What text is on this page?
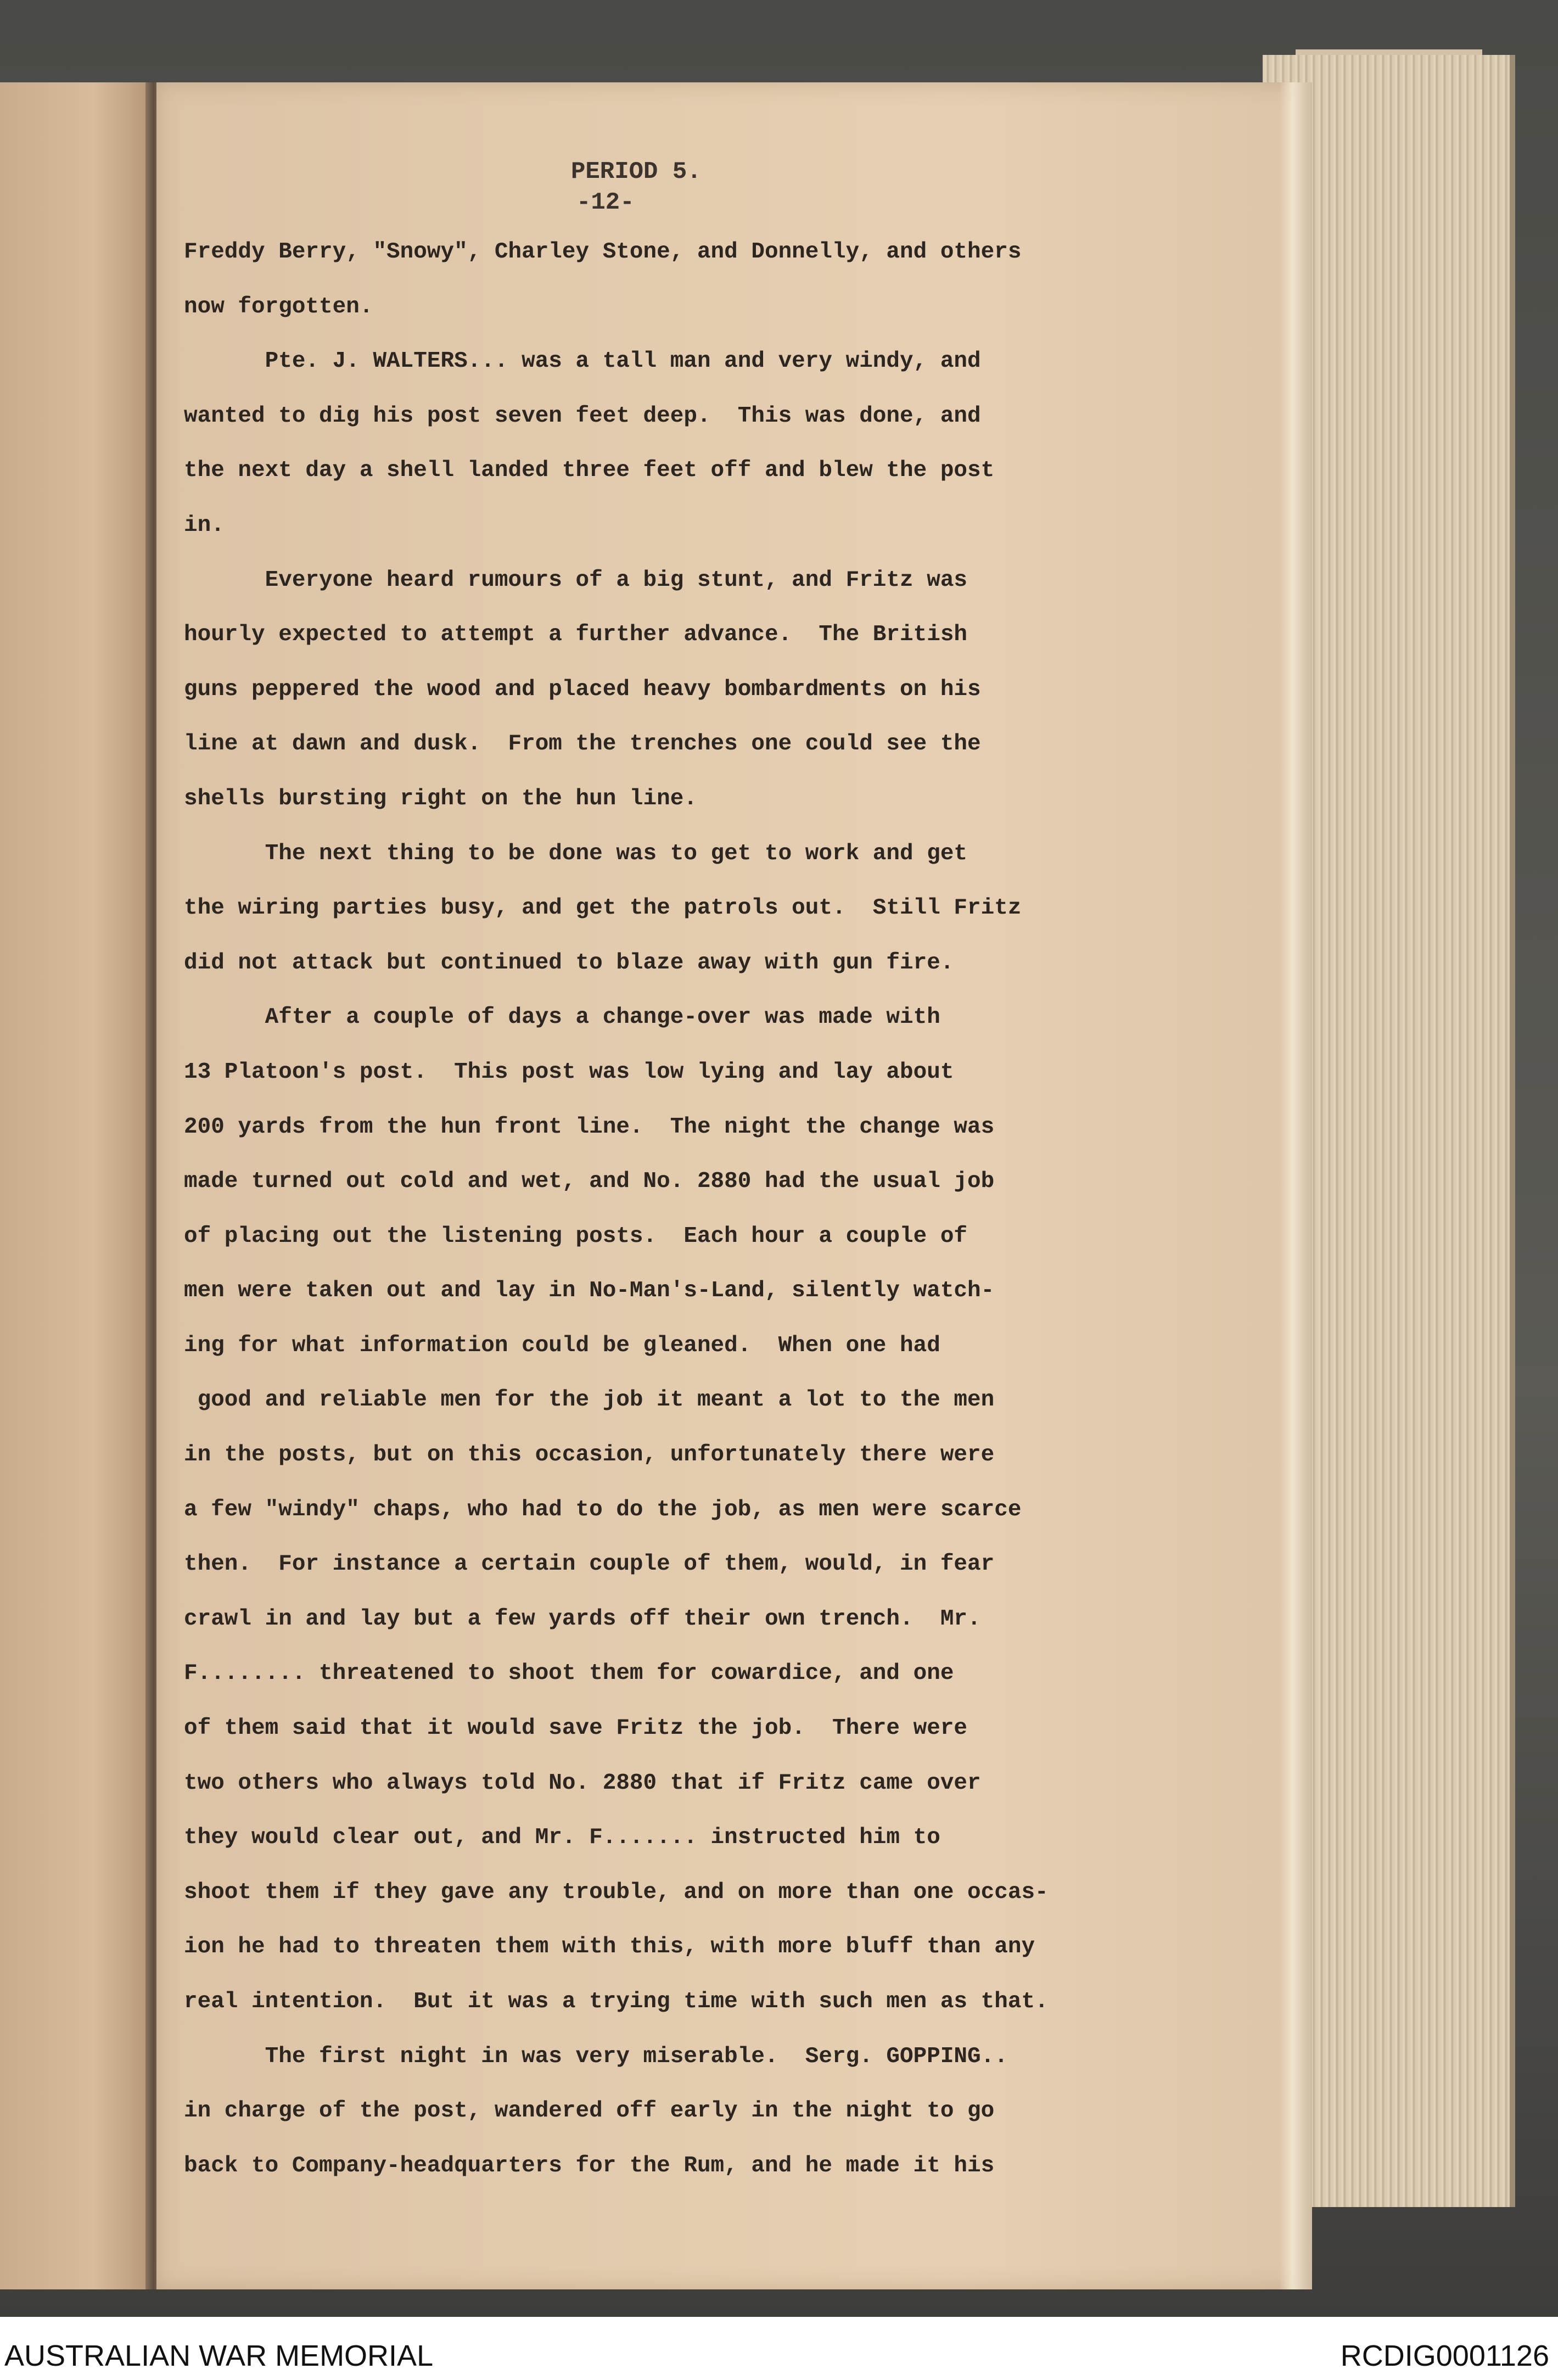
PERIOD 5.
-12-
Freddy Berry, "Snowy", Charley Stone, and Donnelly, and others
now forgotten.
Pte. J. WALTERS... was a tall man and very windy, and
wanted to dig his post seven feet deep.  This was done, and
the next day a shell landed three feet off and blew the post
in.
Everyone heard rumours of a big stunt, and Fritz was
hourly expected to attempt a further advance.  The British
guns peppered the wood and placed heavy bombardments on his
line at dawn and dusk.  From the trenches one could see the
shells bursting right on the hun line.
The next thing to be done was to get to work and get
the wiring parties busy, and get the patrols out.  Still Fritz
did not attack but continued to blaze away with gun fire.
After a couple of days a change-over was made with
13 Platoon's post.  This post was low lying and lay about
200 yards from the hun front line.  The night the change was
made turned out cold and wet, and No. 2880 had the usual job
of placing out the listening posts.  Each hour a couple of
men were taken out and lay in No-Man's-Land, silently watch-
ing for what information could be gleaned.  When one had
good and reliable men for the job it meant a lot to the men
in the posts, but on this occasion, unfortunately there were
a few "windy" chaps, who had to do the job, as men were scarce
then.  For instance a certain couple of them, would, in fear
crawl in and lay but a few yards off their own trench.  Mr.
F........ threatened to shoot them for cowardice, and one
of them said that it would save Fritz the job.  There were
two others who always told No. 2880 that if Fritz came over
they would clear out, and Mr. F....... instructed him to
shoot them if they gave any trouble, and on more than one occas-
ion he had to threaten them with this, with more bluff than any
real intention.  But it was a trying time with such men as that.
The first night in was very miserable.  Serg. GOPPING..
in charge of the post, wandered off early in the night to go
back to Company-headquarters for the Rum, and he made it his
AUSTRALIAN WAR MEMORIAL	RCDIG0001126
